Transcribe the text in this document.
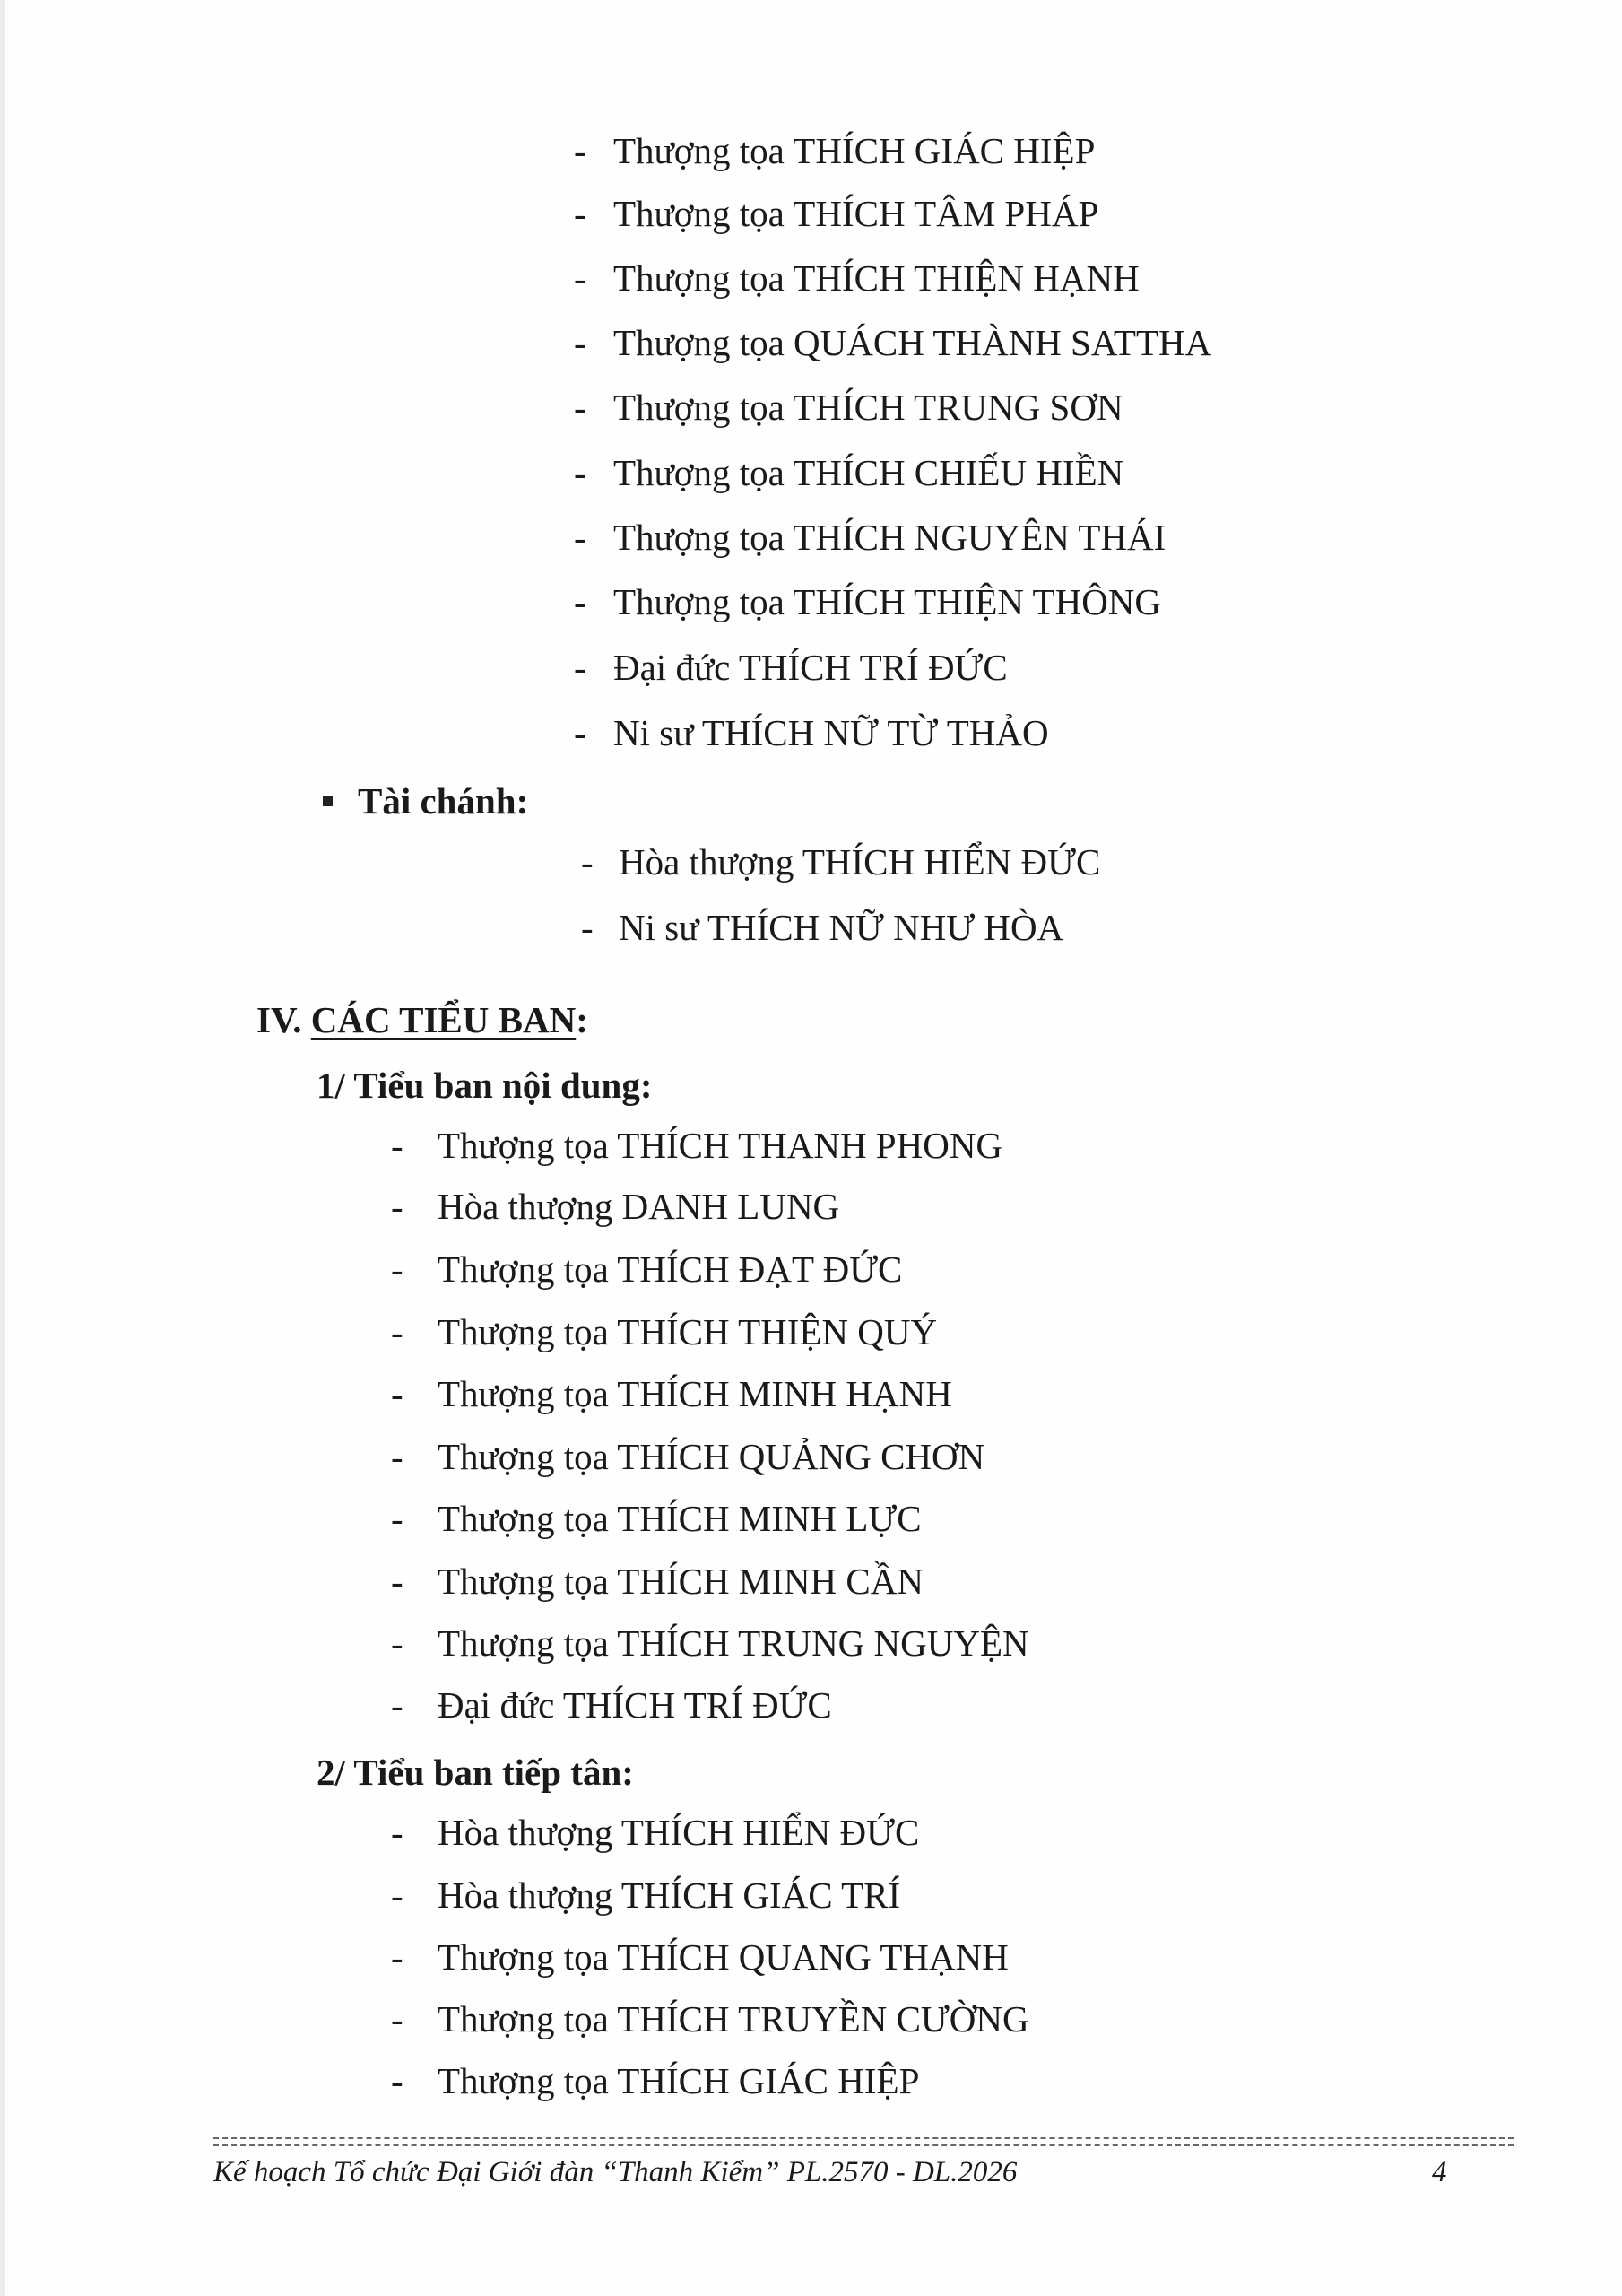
- Thượng tọa THÍCH GIÁC HIỆP
- Thượng tọa THÍCH TÂM PHÁP
- Thượng tọa THÍCH THIỆN HẠNH
- Thượng tọa QUÁCH THÀNH SATTHA
- Thượng tọa THÍCH TRUNG SƠN
- Thượng tọa THÍCH CHIẾU HIỀN
- Thượng tọa THÍCH NGUYÊN THÁI
- Thượng tọa THÍCH THIỆN THÔNG
- Đại đức THÍCH TRÍ ĐỨC
- Ni sư THÍCH NỮ TỪ THẢO
Tài chánh:
- Hòa thượng THÍCH HIỂN ĐỨC
- Ni sư THÍCH NỮ NHƯ HÒA
IV. CÁC TIỂU BAN:
1/ Tiểu ban nội dung:
- Thượng tọa THÍCH THANH PHONG
- Hòa thượng DANH LUNG
- Thượng tọa THÍCH ĐẠT ĐỨC
- Thượng tọa THÍCH THIỆN QUÝ
- Thượng tọa THÍCH MINH HẠNH
- Thượng tọa THÍCH QUẢNG CHƠN
- Thượng tọa THÍCH MINH LỰC
- Thượng tọa THÍCH MINH CẦN
- Thượng tọa THÍCH TRUNG NGUYỆN
- Đại đức THÍCH TRÍ ĐỨC
2/ Tiểu ban tiếp tân:
- Hòa thượng THÍCH HIỂN ĐỨC
- Hòa thượng THÍCH GIÁC TRÍ
- Thượng tọa THÍCH QUANG THẠNH
- Thượng tọa THÍCH TRUYỀN CƯỜNG
- Thượng tọa THÍCH GIÁC HIỆP
Kế hoạch Tổ chức Đại Giới đàn “Thanh Kiểm” PL.2570 - DL.2026	4
